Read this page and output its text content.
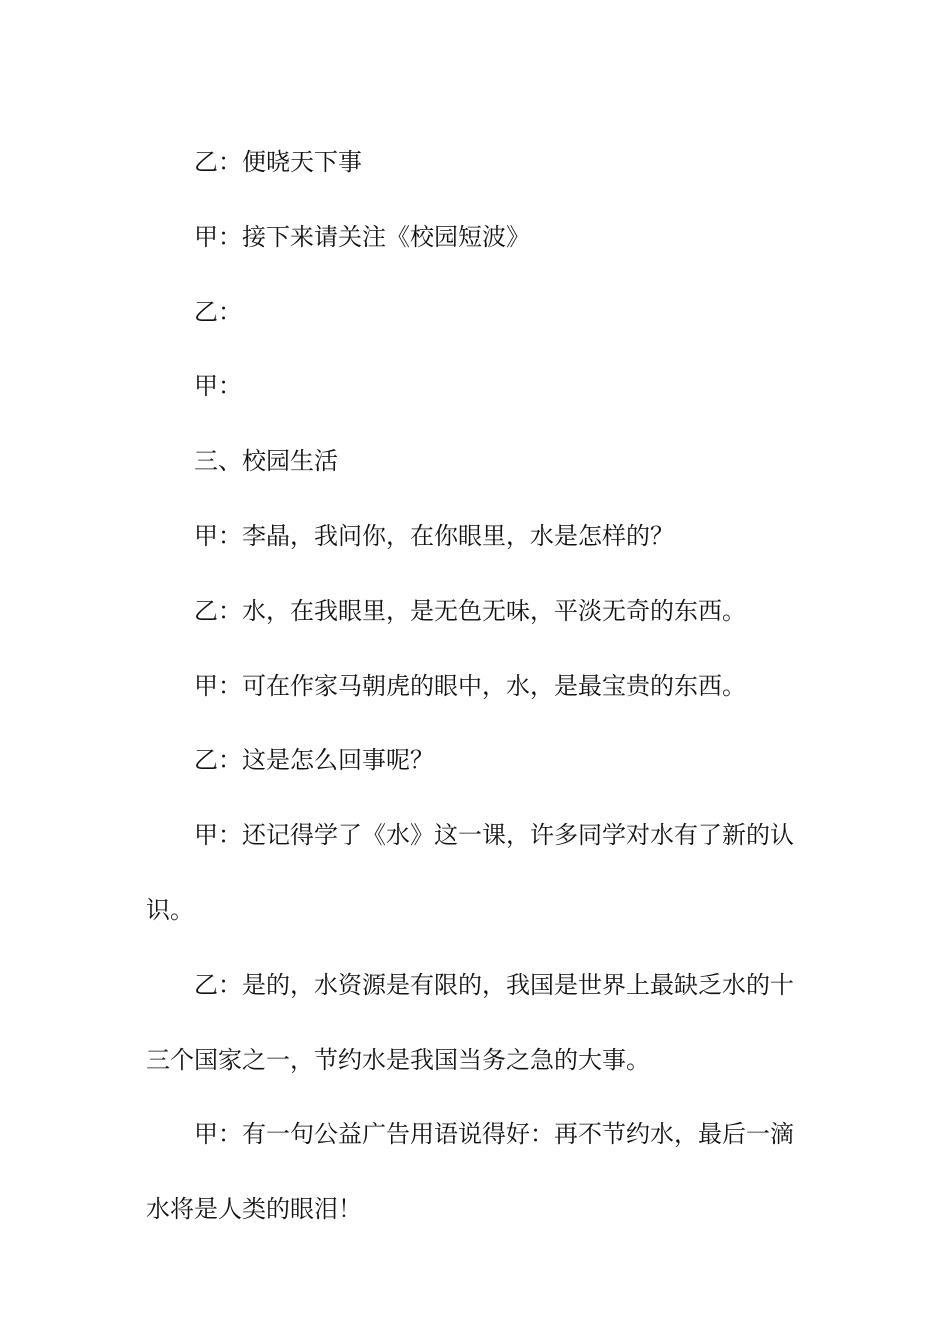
乙：便晓天下事

甲：接下来请关注《校园短波》

乙：

甲：

三、校园生活

甲：李晶，我问你，在你眼里，水是怎样的？

乙：水，在我眼里，是无色无味，平淡无奇的东西。

甲：可在作家马朝虎的眼中，水，是最宝贵的东西。

乙：这是怎么回事呢？

甲：还记得学了《水》这一课，许多同学对水有了新的认识。

乙：是的，水资源是有限的，我国是世界上最缺乏水的十三个国家之一，节约水是我国当务之急的大事。

甲：有一句公益广告用语说得好：再不节约水，最后一滴水将是人类的眼泪！
